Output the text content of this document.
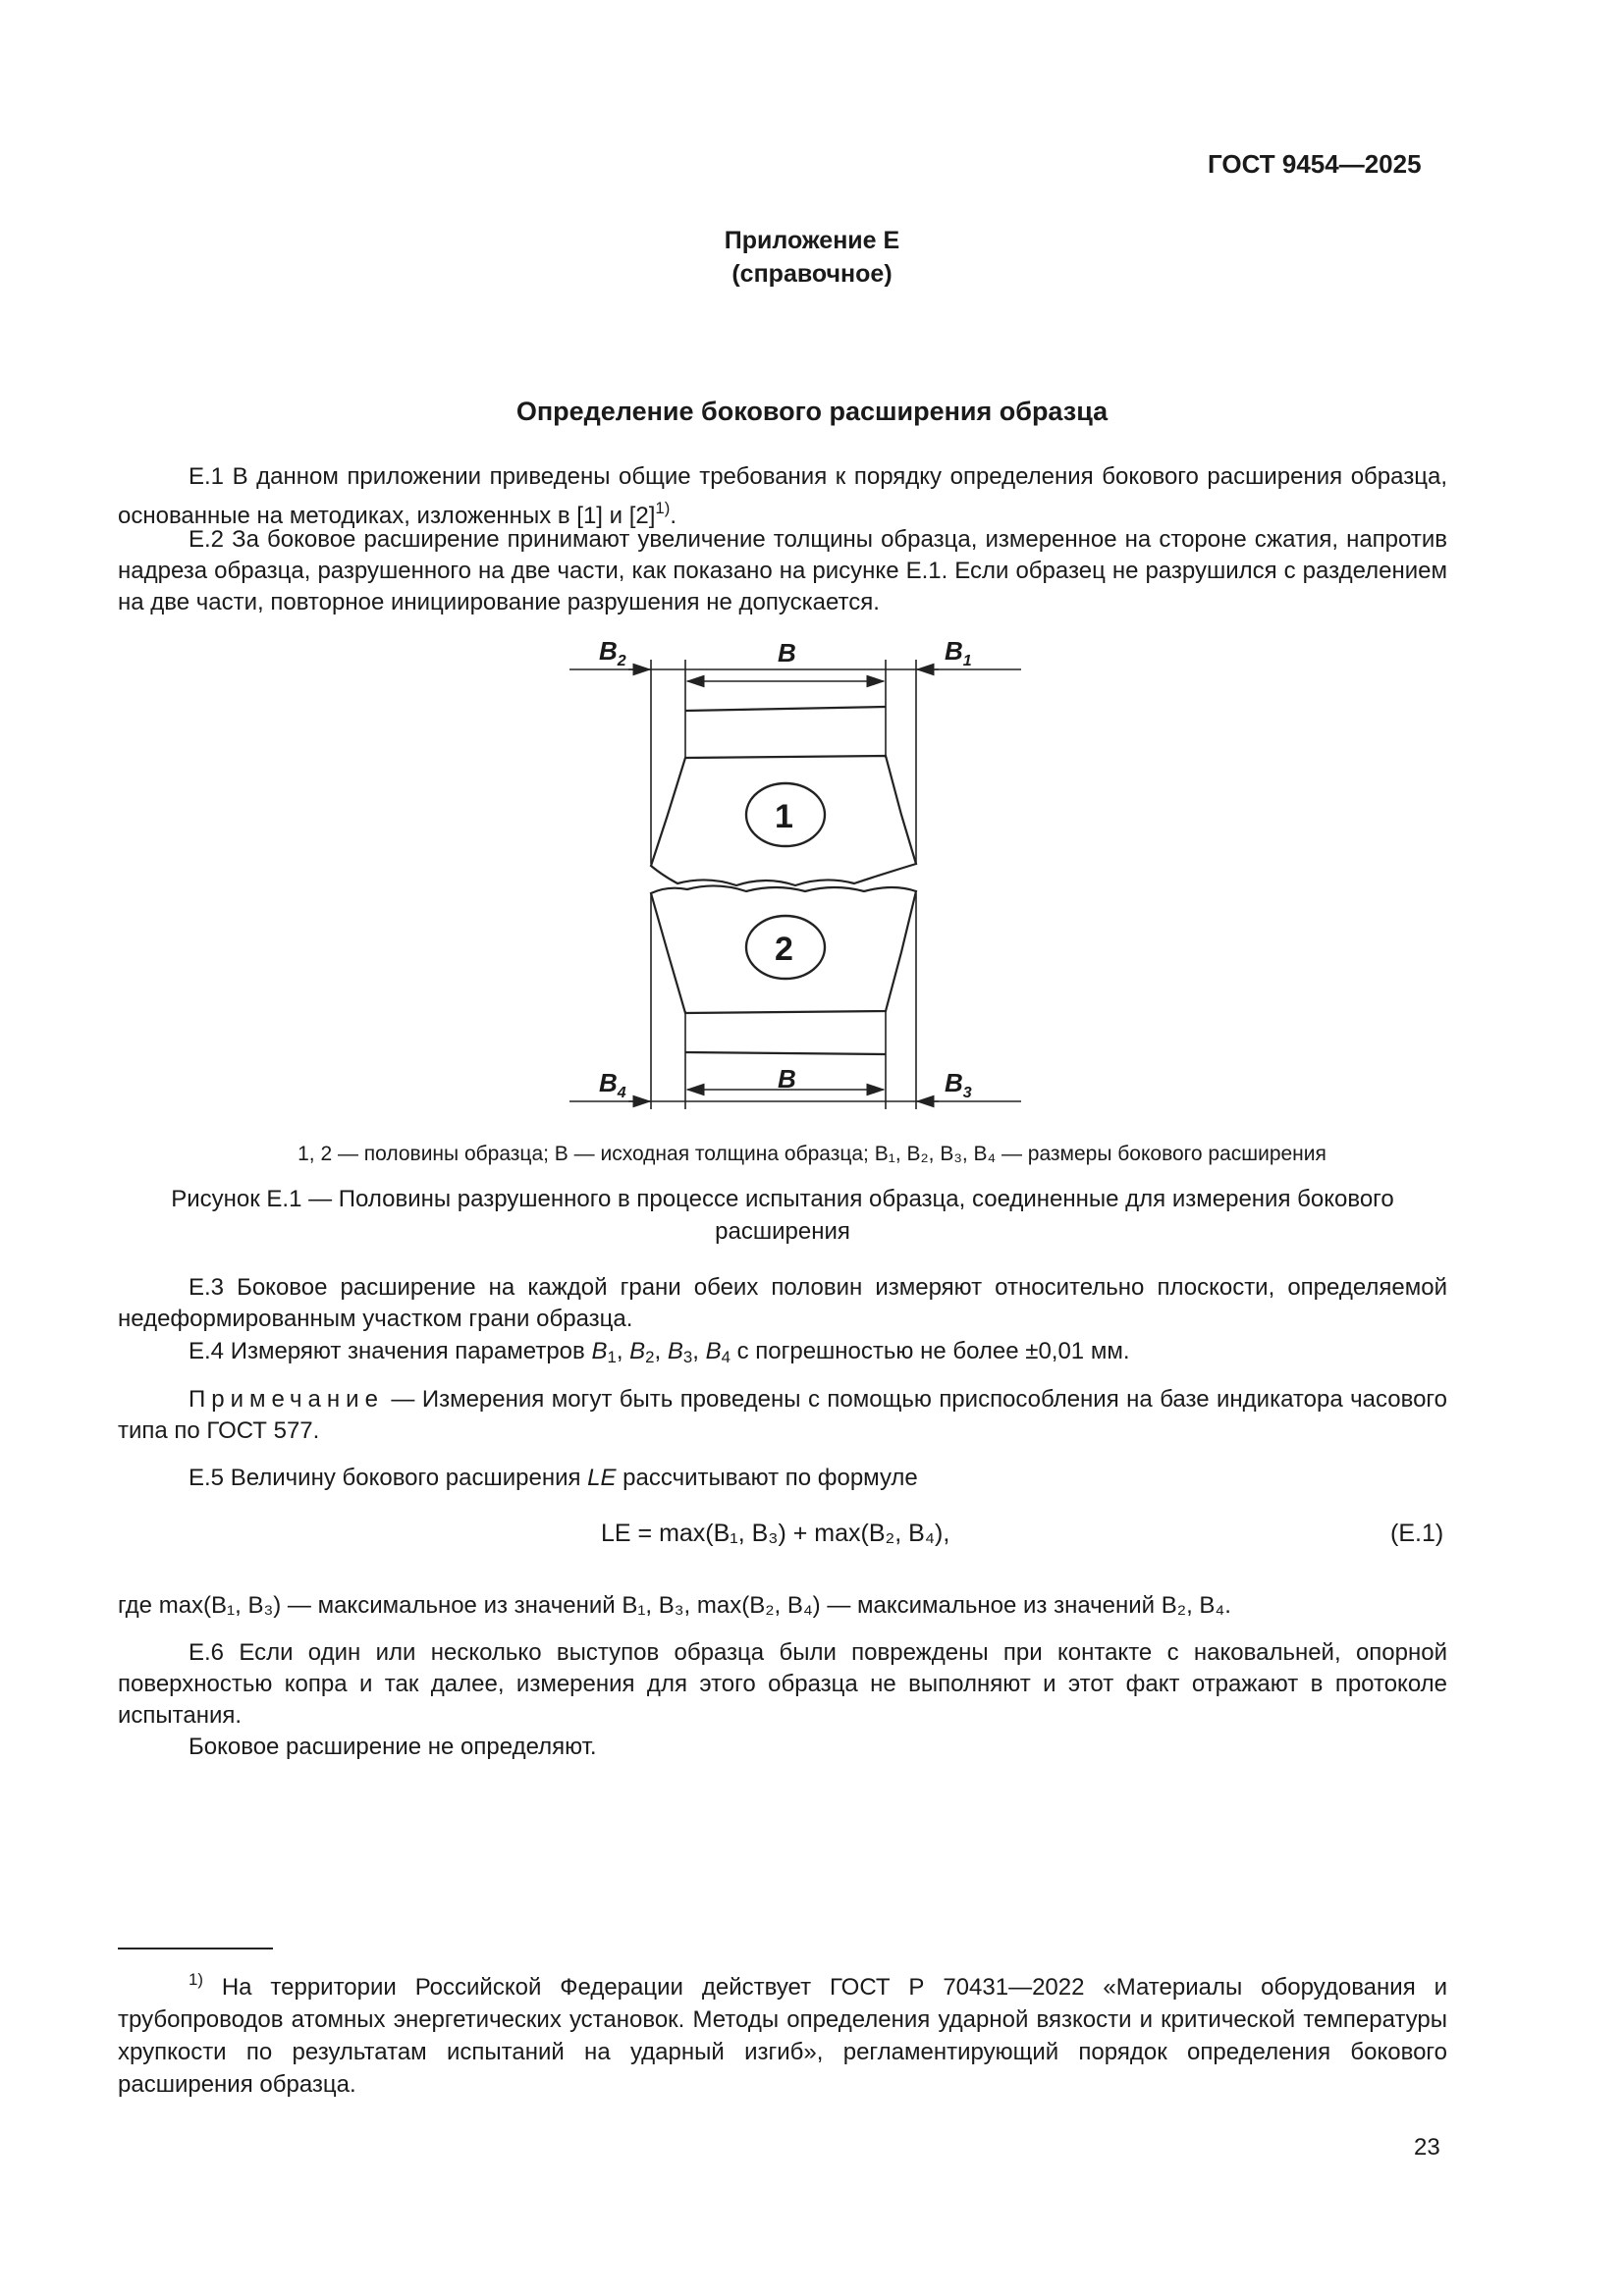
ГОСТ 9454—2025
Приложение Е
(справочное)
Определение бокового расширения образца
Е.1 В данном приложении приведены общие требования к порядку определения бокового расширения образца, основанные на методиках, изложенных в [1] и $[2]^{1)}$.
Е.2 За боковое расширение принимают увеличение толщины образца, измеренное на стороне сжатия, напротив надреза образца, разрушенного на две части, как показано на рисунке Е.1. Если образец не разрушился с разделением на две части, повторное инициирование разрушения не допускается.
1
2
$B_2$	B	$B_1$
$B_4$	B	$B_3$
1, 2 — половины образца; B — исходная толщина образца; B₁, B₂, B₃, B₄ — размеры бокового расширения
Рисунок Е.1 — Половины разрушенного в процессе испытания образца, соединенные для измерения бокового расширения
Е.3 Боковое расширение на каждой грани обеих половин измеряют относительно плоскости, определяемой недеформированным участком грани образца.
Е.4 Измеряют значения параметров $B_1$, $B_2$, $B_3$, $B_4$ с погрешностью не более ±0,01 мм.
Примечание — Измерения могут быть проведены с помощью приспособления на базе индикатора часового типа по ГОСТ 577.
Е.5 Величину бокового расширения LE рассчитывают по формуле
LE = max(B₁, B₃) + max(B₂, B₄),	(Е.1)
где max(B₁, B₃) — максимальное из значений B₁, B₃, max(B₂, B₄) — максимальное из значений B₂, B₄.
Е.6 Если один или несколько выступов образца были повреждены при контакте с наковальней, опорной поверхностью копра и так далее, измерения для этого образца не выполняют и этот факт отражают в протоколе испытания.
Боковое расширение не определяют.
$^{1)}$ На территории Российской Федерации действует ГОСТ Р 70431—2022 «Материалы оборудования и трубопроводов атомных энергетических установок. Методы определения ударной вязкости и критической температуры хрупкости по результатам испытаний на ударный изгиб», регламентирующий порядок определения бокового расширения образца.
23
